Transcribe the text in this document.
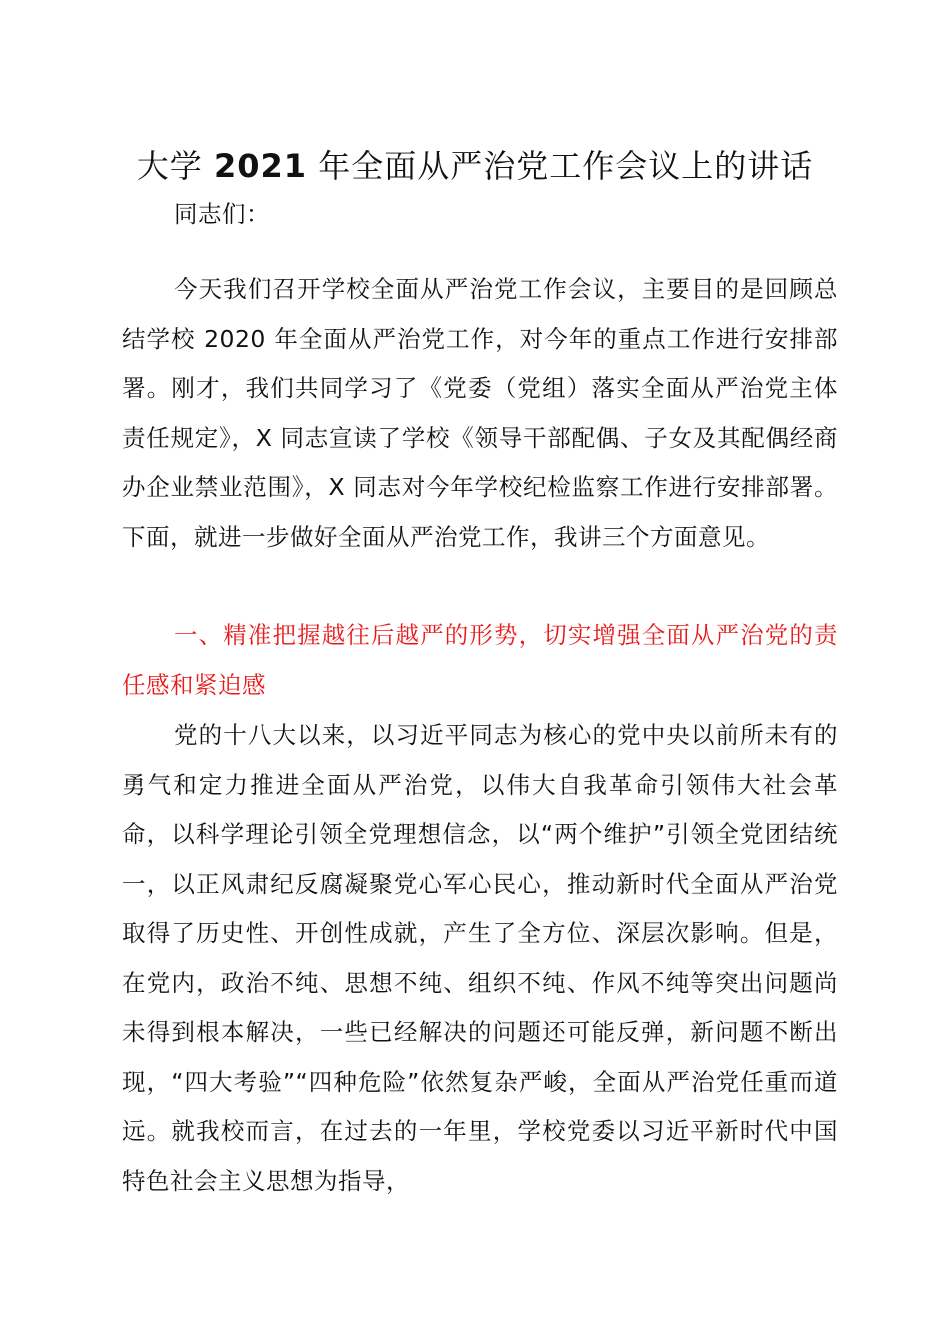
大学 2021 年全面从严治党工作会议上的讲话

同志们：

今天我们召开学校全面从严治党工作会议，主要目的是回顾总结学校 2020 年全面从严治党工作，对今年的重点工作进行安排部署。刚才，我们共同学习了《党委（党组）落实全面从严治党主体责任规定》，X 同志宣读了学校《领导干部配偶、子女及其配偶经商办企业禁业范围》，X 同志对今年学校纪检监察工作进行安排部署。下面，就进一步做好全面从严治党工作，我讲三个方面意见。

一、精准把握越往后越严的形势，切实增强全面从严治党的责任感和紧迫感

党的十八大以来，以习近平同志为核心的党中央以前所未有的勇气和定力推进全面从严治党，以伟大自我革命引领伟大社会革命，以科学理论引领全党理想信念，以“两个维护”引领全党团结统一，以正风肃纪反腐凝聚党心军心民心，推动新时代全面从严治党取得了历史性、开创性成就，产生了全方位、深层次影响。但是，在党内，政治不纯、思想不纯、组织不纯、作风不纯等突出问题尚未得到根本解决，一些已经解决的问题还可能反弹，新问题不断出现，“四大考验”“四种危险”依然复杂严峻，全面从严治党任重而道远。就我校而言，在过去的一年里，学校党委以习近平新时代中国特色社会主义思想为指导，
